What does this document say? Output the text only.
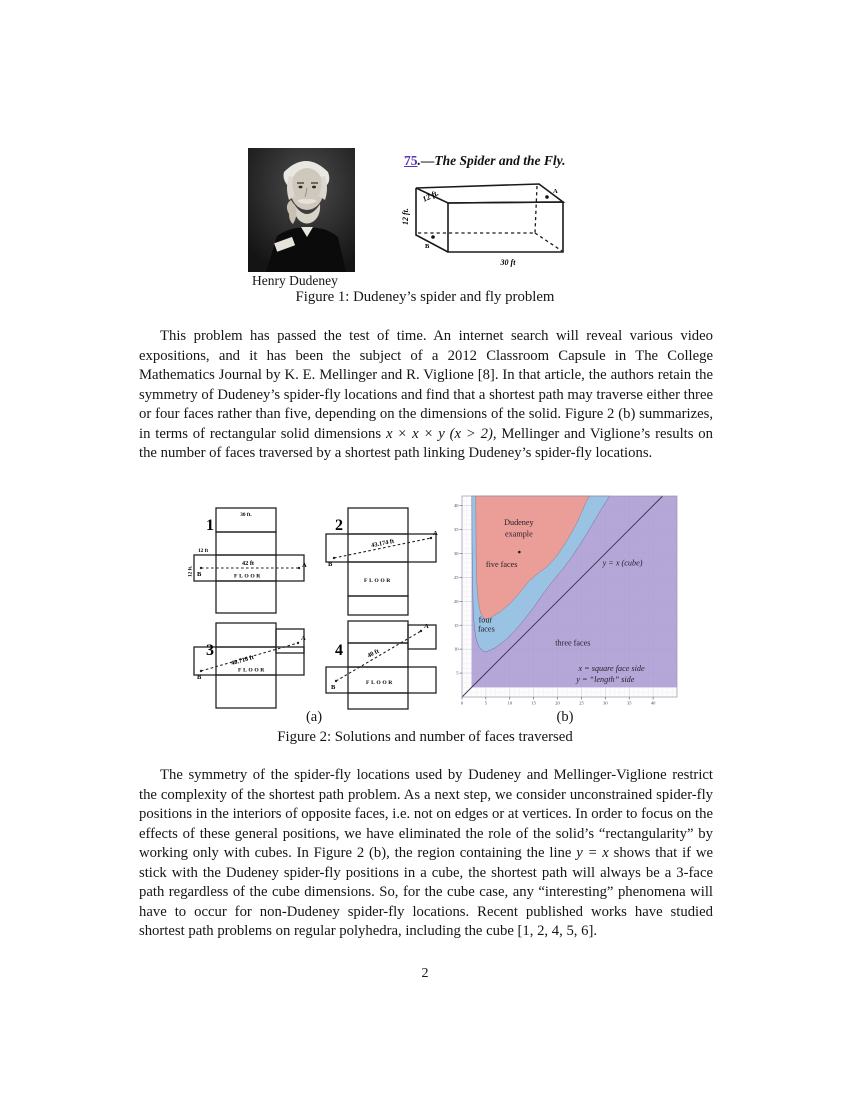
Henry Dudeney
75.—The Spider and the Fly.
A
B
30 ft
12 ft.
12 ft.
Figure 1: Dudeney’s spider and fly problem
This problem has passed the test of time. An internet search will reveal various video expositions, and it has been the subject of a 2012 Classroom Capsule in The College Mathematics Journal by K. E. Mellinger and R. Viglione [8]. In that article, the authors retain the symmetry of Dudeney’s spider-fly locations and find that a shortest path may traverse either three or four faces rather than five, depending on the dimensions of the solid. Figure 2 (b) summarizes, in terms of rectangular solid dimensions x × x × y (x > 2), Mellinger and Viglione’s results on the number of faces traversed by a shortest path linking Dudeney’s spider-fly locations.
1
30 ft.
12 ft
12 ft.
42 ft
FLOOR
B
A
2
43.174 ft
FLOOR
B
A
3
40.718 ft
FLOOR
B
A
4	40 ft
FLOOR
B
A
0	5	10	15	20	25	30	35	40
5
10
15
20
25
30
35
40
three faces
four
faces
five faces	y = x (cube)
Dudeney
example
x = square face side
y = “length” side
(a)	(b)
Figure 2: Solutions and number of faces traversed
The symmetry of the spider-fly locations used by Dudeney and Mellinger-Viglione restrict the complexity of the shortest path problem. As a next step, we consider unconstrained spider-fly positions in the interiors of opposite faces, i.e. not on edges or at vertices. In order to focus on the effects of these general positions, we have eliminated the role of the solid’s “rectangularity” by working only with cubes. In Figure 2 (b), the region containing the line y = x shows that if we stick with the Dudeney spider-fly positions in a cube, the shortest path will always be a 3-face path regardless of the cube dimensions. So, for the cube case, any “interesting” phenomena will have to occur for non-Dudeney spider-fly locations. Recent published works have studied shortest path problems on regular polyhedra, including the cube [1, 2, 4, 5, 6].
2
